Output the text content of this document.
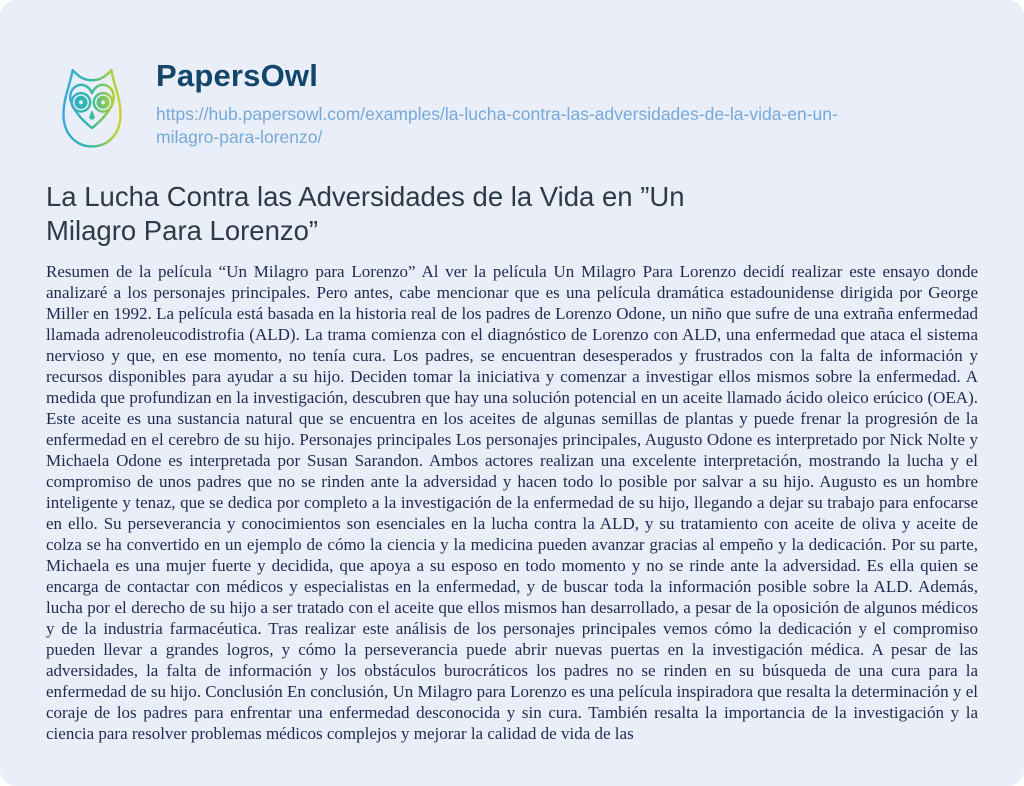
PapersOwl
https://hub.papersowl.com/examples/la-lucha-contra-las-adversidades-de-la-vida-en-un-milagro-para-lorenzo/
La Lucha Contra las Adversidades de la Vida en ”Un Milagro Para Lorenzo”

Resumen de la película “Un Milagro para Lorenzo” Al ver la película Un Milagro Para Lorenzo decidí realizar este ensayo donde analizaré a los personajes principales. Pero antes, cabe mencionar que es una película dramática estadounidense dirigida por George Miller en 1992. La película está basada en la historia real de los padres de Lorenzo Odone, un niño que sufre de una extraña enfermedad llamada adrenoleucodistrofia (ALD). La trama comienza con el diagnóstico de Lorenzo con ALD, una enfermedad que ataca el sistema nervioso y que, en ese momento, no tenía cura. Los padres, se encuentran desesperados y frustrados con la falta de información y recursos disponibles para ayudar a su hijo. Deciden tomar la iniciativa y comenzar a investigar ellos mismos sobre la enfermedad. A medida que profundizan en la investigación, descubren que hay una solución potencial en un aceite llamado ácido oleico erúcico (OEA). Este aceite es una sustancia natural que se encuentra en los aceites de algunas semillas de plantas y puede frenar la progresión de la enfermedad en el cerebro de su hijo. Personajes principales Los personajes principales, Augusto Odone es interpretado por Nick Nolte y Michaela Odone es interpretada por Susan Sarandon. Ambos actores realizan una excelente interpretación, mostrando la lucha y el compromiso de unos padres que no se rinden ante la adversidad y hacen todo lo posible por salvar a su hijo. Augusto es un hombre inteligente y tenaz, que se dedica por completo a la investigación de la enfermedad de su hijo, llegando a dejar su trabajo para enfocarse en ello. Su perseverancia y conocimientos son esenciales en la lucha contra la ALD, y su tratamiento con aceite de oliva y aceite de colza se ha convertido en un ejemplo de cómo la ciencia y la medicina pueden avanzar gracias al empeño y la dedicación. Por su parte, Michaela es una mujer fuerte y decidida, que apoya a su esposo en todo momento y no se rinde ante la adversidad. Es ella quien se encarga de contactar con médicos y especialistas en la enfermedad, y de buscar toda la información posible sobre la ALD. Además, lucha por el derecho de su hijo a ser tratado con el aceite que ellos mismos han desarrollado, a pesar de la oposición de algunos médicos y de la industria farmacéutica. Tras realizar este análisis de los personajes principales vemos cómo la dedicación y el compromiso pueden llevar a grandes logros, y cómo la perseverancia puede abrir nuevas puertas en la investigación médica. A pesar de las adversidades, la falta de información y los obstáculos burocráticos los padres no se rinden en su búsqueda de una cura para la enfermedad de su hijo. Conclusión En conclusión, Un Milagro para Lorenzo es una película inspiradora que resalta la determinación y el coraje de los padres para enfrentar una enfermedad desconocida y sin cura. También resalta la importancia de la investigación y la ciencia para resolver problemas médicos complejos y mejorar la calidad de vida de las
